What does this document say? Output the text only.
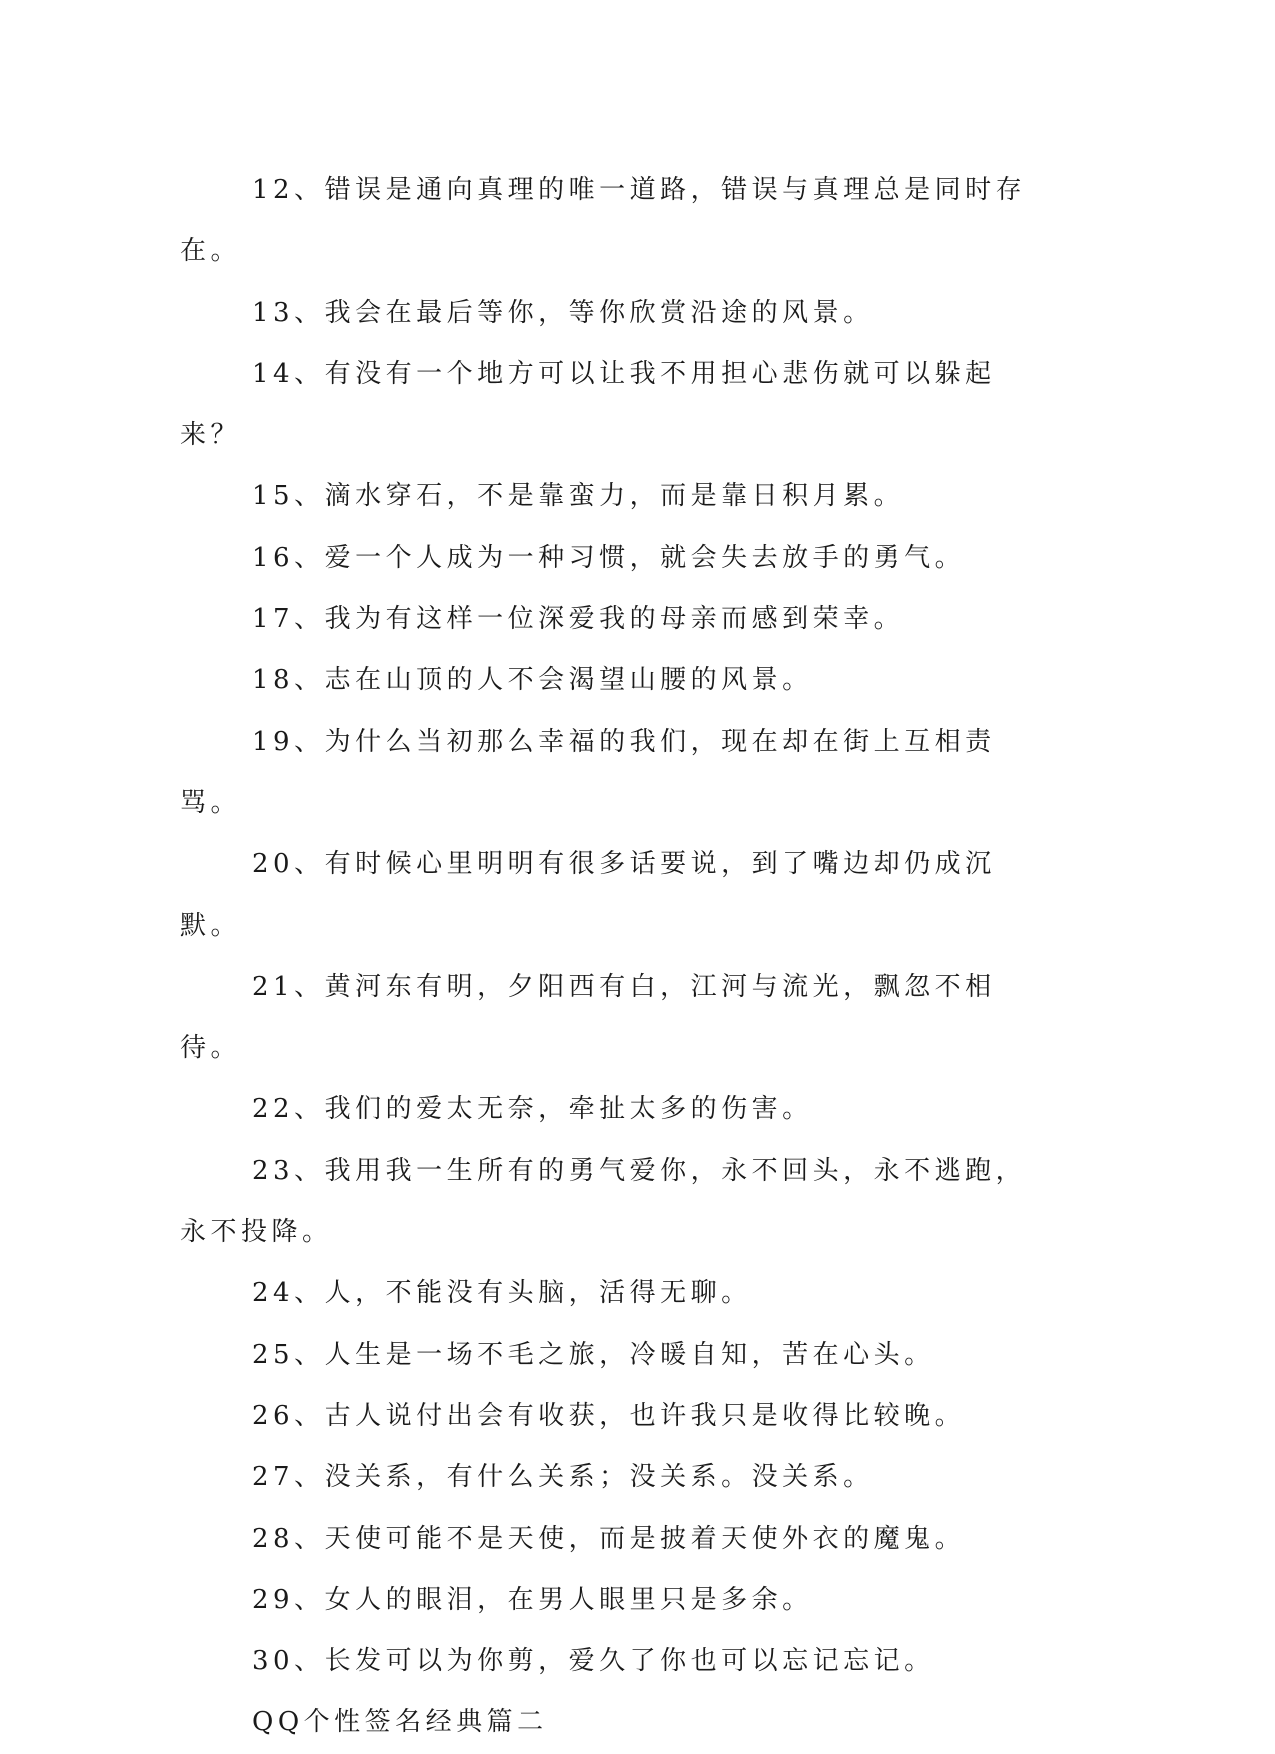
12、错误是通向真理的唯一道路，错误与真理总是同时存在。

13、我会在最后等你，等你欣赏沿途的风景。

14、有没有一个地方可以让我不用担心悲伤就可以躲起来？

15、滴水穿石，不是靠蛮力，而是靠日积月累。

16、爱一个人成为一种习惯，就会失去放手的勇气。

17、我为有这样一位深爱我的母亲而感到荣幸。

18、志在山顶的人不会渴望山腰的风景。

19、为什么当初那么幸福的我们，现在却在街上互相责骂。

20、有时候心里明明有很多话要说，到了嘴边却仍成沉默。

21、黄河东有明，夕阳西有白，江河与流光，飘忽不相待。

22、我们的爱太无奈，牵扯太多的伤害。

23、我用我一生所有的勇气爱你，永不回头，永不逃跑，永不投降。

24、人，不能没有头脑，活得无聊。

25、人生是一场不毛之旅，冷暖自知，苦在心头。

26、古人说付出会有收获，也许我只是收得比较晚。

27、没关系，有什么关系；没关系。没关系。

28、天使可能不是天使，而是披着天使外衣的魔鬼。

29、女人的眼泪，在男人眼里只是多余。

30、长发可以为你剪，爱久了你也可以忘记忘记。

QQ个性签名经典篇二
